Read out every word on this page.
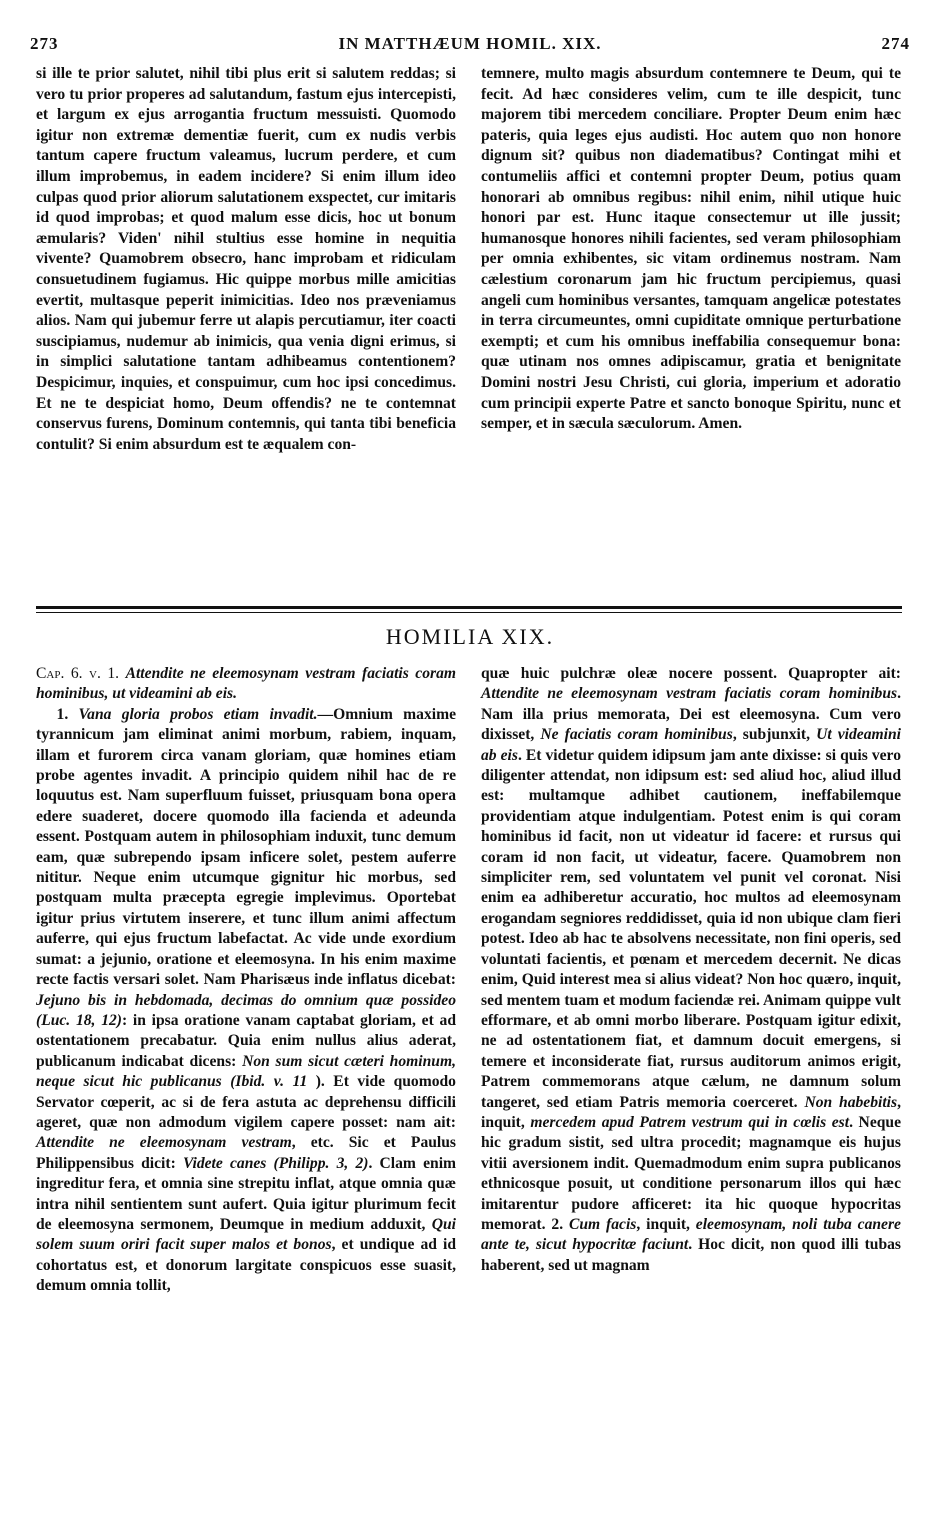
273	IN MATTHÆUM HOMIL. XIX.	274

si ille te prior salutet, nihil tibi plus erit si salutem reddas; si vero tu prior properes ad salutandum, fastum ejus intercepisti, et largum ex ejus arrogantia fructum messuisti. Quomodo igitur non extremæ dementiæ fuerit, cum ex nudis verbis tantum capere fructum valeamus, lucrum perdere, et cum illum improbemus, in eadem incidere? Si enim illum ideo culpas quod prior aliorum salutationem exspectet, cur imitaris id quod improbas; et quod malum esse dicis, hoc ut bonum æmularis? Viden' nihil stultius esse homine in nequitia vivente? Quamobrem obsecro, hanc improbam et ridiculam consuetudinem fugiamus. Hic quippe morbus mille amicitias evertit, multasque peperit inimicitias. Ideo nos præveniamus alios. Nam qui jubemur ferre ut alapis percutiamur, iter coacti suscipiamus, nudemur ab inimicis, qua venia digni erimus, si in simplici salutatione tantam adhibeamus contentionem? Despicimur, inquies, et conspuimur, cum hoc ipsi concedimus. Et ne te despiciat homo, Deum offendis? ne te contemnat conservus furens, Dominum contemnis, qui tanta tibi beneficia contulit? Si enim absurdum est te æqualem con-

temnere, multo magis absurdum contemnere te Deum, qui te fecit. Ad hæc consideres velim, cum te ille despicit, tunc majorem tibi mercedem conciliare. Propter Deum enim hæc pateris, quia leges ejus audisti. Hoc autem quo non honore dignum sit? quibus non diadematibus? Contingat mihi et contumeliis affici et contemni propter Deum, potius quam honorari ab omnibus regibus: nihil enim, nihil utique huic honori par est. Hunc itaque consectemur ut ille jussit; humanosque honores nihili facientes, sed veram philosophiam per omnia exhibentes, sic vitam ordinemus nostram. Nam cælestium coronarum jam hic fructum percipiemus, quasi angeli cum hominibus versantes, tamquam angelicæ potestates in terra circumeuntes, omni cupiditate omnique perturbatione exempti; et cum his omnibus ineffabilia consequemur bona: quæ utinam nos omnes adipiscamur, gratia et benignitate Domini nostri Jesu Christi, cui gloria, imperium et adoratio cum principii experte Patre et sancto bonoque Spiritu, nunc et semper, et in sæcula sæculorum. Amen.

HOMILIA XIX.

Cap. 6. v. 1. Attendite ne eleemosynam vestram faciatis coram hominibus, ut videamini ab eis.

1. Vana gloria probos etiam invadit.—Omnium maxime tyrannicum jam eliminat animi morbum, rabiem, inquam, illam et furorem circa vanam gloriam, quæ homines etiam probe agentes invadit. A principio quidem nihil hac de re loquutus est. Nam superfluum fuisset, priusquam bona opera edere suaderet, docere quomodo illa facienda et adeunda essent. Postquam autem in philosophiam induxit, tunc demum eam, quæ subrependo ipsam inficere solet, pestem auferre nititur. Neque enim utcumque gignitur hic morbus, sed postquam multa præcepta egregie implevimus. Oportebat igitur prius virtutem inserere, et tunc illum animi affectum auferre, qui ejus fructum labefactat. Ac vide unde exordium sumat: a jejunio, oratione et eleemosyna. In his enim maxime recte factis versari solet. Nam Pharisæus inde inflatus dicebat: Jejuno bis in hebdomada, decimas do omnium quæ possideo (Luc. 18, 12): in ipsa oratione vanam captabat gloriam, et ad ostentationem precabatur. Quia enim nullus alius aderat, publicanum indicabat dicens: Non sum sicut cæteri hominum, neque sicut hic publicanus (Ibid. v. 11 ). Et vide quomodo Servator cœperit, ac si de fera astuta ac deprehensu difficili ageret, quæ non admodum vigilem capere posset: nam ait: Attendite ne eleemosynam vestram, etc. Sic et Paulus Philippensibus dicit: Videte canes (Philipp. 3, 2). Clam enim ingreditur fera, et omnia sine strepitu inflat, atque omnia quæ intra nihil sentientem sunt aufert. Quia igitur plurimum fecit de eleemosyna sermonem, Deumque in medium adduxit, Qui solem suum oriri facit super malos et bonos, et undique ad id cohortatus est, et donorum largitate conspicuos esse suasit, demum omnia tollit,

quæ huic pulchræ oleæ nocere possent. Quapropter ait: Attendite ne eleemosynam vestram faciatis coram hominibus. Nam illa prius memorata, Dei est eleemosyna. Cum vero dixisset, Ne faciatis coram hominibus, subjunxit, Ut videamini ab eis. Et videtur quidem idipsum jam ante dixisse: si quis vero diligenter attendat, non idipsum est: sed aliud hoc, aliud illud est: multamque adhibet cautionem, ineffabilemque providentiam atque indulgentiam. Potest enim is qui coram hominibus id facit, non ut videatur id facere: et rursus qui coram id non facit, ut videatur, facere. Quamobrem non simpliciter rem, sed voluntatem vel punit vel coronat. Nisi enim ea adhiberetur accuratio, hoc multos ad eleemosynam erogandam segniores reddidisset, quia id non ubique clam fieri potest. Ideo ab hac te absolvens necessitate, non fini operis, sed voluntati facientis, et pœnam et mercedem decernit. Ne dicas enim, Quid interest mea si alius videat? Non hoc quæro, inquit, sed mentem tuam et modum faciendæ rei. Animam quippe vult efformare, et ab omni morbo liberare. Postquam igitur edixit, ne ad ostentationem fiat, et damnum docuit emergens, si temere et inconsiderate fiat, rursus auditorum animos erigit, Patrem commemorans atque cælum, ne damnum solum tangeret, sed etiam Patris memoria coerceret. Non habebitis, inquit, mercedem apud Patrem vestrum qui in cœlis est. Neque hic gradum sistit, sed ultra procedit; magnamque eis hujus vitii aversionem indit. Quemadmodum enim supra publicanos ethnicosque posuit, ut conditione personarum illos qui hæc imitarentur pudore afficeret: ita hic quoque hypocritas memorat. 2. Cum facis, inquit, eleemosynam, noli tuba canere ante te, sicut hypocritæ faciunt. Hoc dicit, non quod illi tubas haberent, sed ut magnam
